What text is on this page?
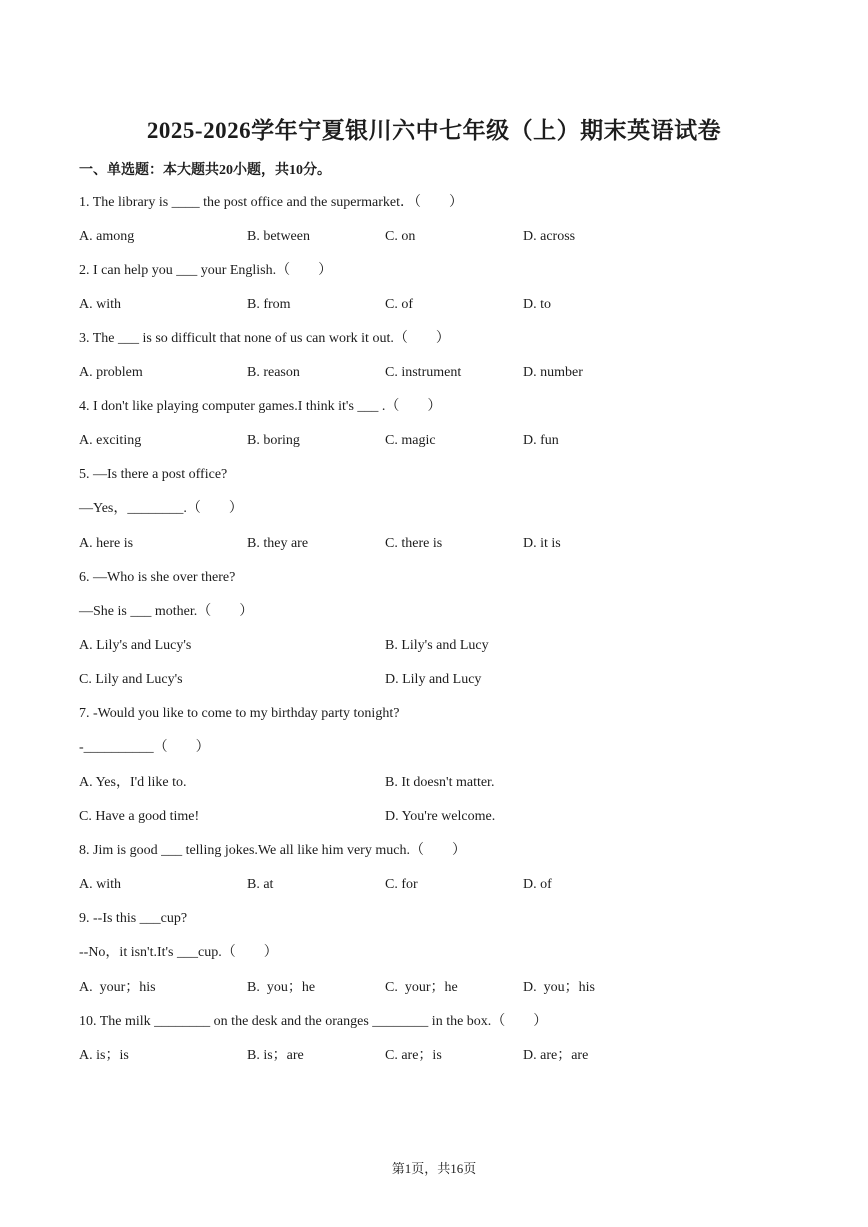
2025-2026学年宁夏银川六中七年级（上）期末英语试卷
一、单选题：本大题共20小题，共10分。
1. The library is ____ the post office and the supermarket．（　　）
A. among	B. between	C. on	D. across
2. I can help you ___ your English.（　　）
A. with	B. from	C. of	D. to
3. The ___ is so difficult that none of us can work it out.（　　）
A. problem	B. reason	C. instrument	D. number
4. I don't like playing computer games.I think it's ___ .（　　）
A. exciting	B. boring	C. magic	D. fun
5. —Is there a post office?
—Yes，________.（　　）
A. here is	B. they are	C. there is	D. it is
6. —Who is she over there?
—She is ___ mother.（　　）
A. Lily's and Lucy's	B. Lily's and Lucy
C. Lily and Lucy's	D. Lily and Lucy
7. -Would you like to come to my birthday party tonight?
-__________（　　）
A. Yes，I'd like to.	B. It doesn't matter.
C. Have a good time!	D. You're welcome.
8. Jim is good ___ telling jokes.We all like him very much.（　　）
A. with	B. at	C. for	D. of
9. --Is this ___cup?
--No，it isn't.It's ___cup.（　　）
A.  your；his	B.  you；he	C.  your；he	D.  you；his
10. The milk ________ on the desk and the oranges ________ in the box.（　　）
A. is；is	B. is；are	C. are；is	D. are；are
第1页，共16页
